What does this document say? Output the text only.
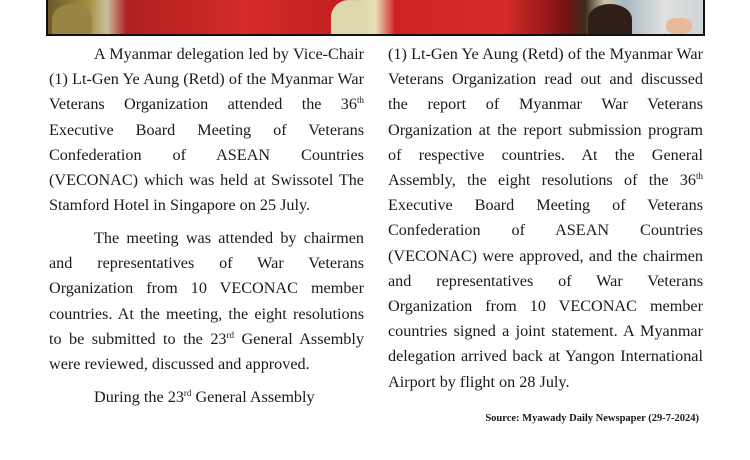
A Myanmar delegation led by Vice-Chair (1) Lt-Gen Ye Aung (Retd) of the Myanmar War Veterans Organization attended the 36th Executive Board Meeting of Veterans Confederation of ASEAN Countries (VECONAC) which was held at Swissotel The Stamford Hotel in Singapore on 25 July.

The meeting was attended by chairmen and representatives of War Veterans Organization from 10 VECONAC member countries. At the meeting, the eight resolutions to be submitted to the 23rd General Assembly were reviewed, discussed and approved.

During the 23rd General Assembly

(1) Lt-Gen Ye Aung (Retd) of the Myanmar War Veterans Organization read out and discussed the report of Myanmar War Veterans Organization at the report submission program of respective countries. At the General Assembly, the eight resolutions of the 36th Executive Board Meeting of Veterans Confederation of ASEAN Countries (VECONAC) were approved, and the chairmen and representatives of War Veterans Organization from 10 VECONAC member countries signed a joint statement. A Myanmar delegation arrived back at Yangon International Airport by flight on 28 July.

Source: Myawady Daily Newspaper (29-7-2024)
